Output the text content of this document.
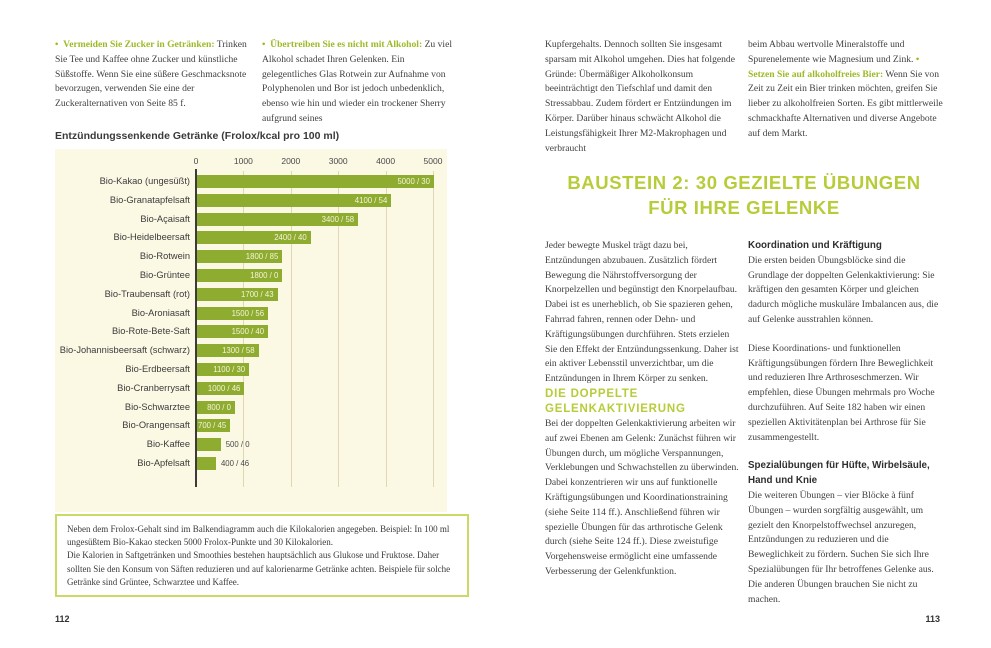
• Vermeiden Sie Zucker in Getränken: Trinken Sie Tee und Kaffee ohne Zucker und künstliche Süßstoffe. Wenn Sie eine süßere Geschmacksnote bevorzugen, verwenden Sie eine der Zuckeralternativen von Seite 85 f.

• Übertreiben Sie es nicht mit Alkohol: Zu viel Alkohol schadet Ihren Gelenken. Ein gelegentliches Glas Rotwein zur Aufnahme von Polyphenolen und Bor ist jedoch unbedenklich, ebenso wie hin und wieder ein trockener Sherry aufgrund seines

Entzündungssenkende Getränke (Frolox/kcal pro 100 ml)
0	1000	2000	3000	4000	5000
Bio-Kakao (ungesüßt)	5000 / 30
Bio-Granatapfelsaft	4100 / 54
Bio-Açaisaft	3400 / 58
Bio-Heidelbeersaft	2400 / 40
Bio-Rotwein	1800 / 85
Bio-Grüntee	1800 / 0
Bio-Traubensaft (rot)	1700 / 43
Bio-Aroniasaft	1500 / 56
Bio-Rote-Bete-Saft	1500 / 40
Bio-Johannisbeersaft (schwarz)	1300 / 58
Bio-Erdbeersaft	1100 / 30
Bio-Cranberrysaft	1000 / 46
Bio-Schwarztee	800 / 0
Bio-Orangensaft 700 / 45
Bio-Kaffee	500 / 0
Bio-Apfelsaft	400 / 46

Neben dem Frolox-Gehalt sind im Balkendiagramm auch die Kilokalorien angegeben. Beispiel: In 100 ml ungesüßtem Bio-Kakao stecken 5000 Frolox-Punkte und 30 Kilokalorien.

Die Kalorien in Saftgetränken und Smoothies bestehen hauptsächlich aus Glukose und Fruktose. Daher sollten Sie den Konsum von Säften reduzieren und auf kalorienarme Getränke achten. Beispiele für solche Getränke sind Grüntee, Schwarztee und Kaffee.

112

Kupfergehalts. Dennoch sollten Sie insgesamt sparsam mit Alkohol umgehen. Dies hat folgende Gründe: Übermäßiger Alkoholkonsum beeinträchtigt den Tiefschlaf und damit den Stressabbau. Zudem fördert er Entzündungen im Körper. Darüber hinaus schwächt Alkohol die Leistungsfähigkeit Ihrer M2-Makrophagen und verbraucht

beim Abbau wertvolle Mineralstoffe und Spurenelemente wie Magnesium und Zink. •  Setzen Sie auf alkoholfreies Bier: Wenn Sie von Zeit zu Zeit ein Bier trinken möchten, greifen Sie lieber zu alkoholfreien Sorten. Es gibt mittlerweile schmackhafte Alternativen und diverse Angebote auf dem Markt.

BAUSTEIN 2: 30 GEZIELTE ÜBUNGEN FÜR IHRE GELENKE

Jeder bewegte Muskel trägt dazu bei, Entzündungen abzubauen. Zusätzlich fördert Bewegung die Nährstoffversorgung der Knorpelzellen und begünstigt den Knorpelaufbau. Dabei ist es unerheblich, ob Sie spazieren gehen, Fahrrad fahren, rennen oder Dehn- und Kräftigungsübungen durchführen. Stets erzielen Sie den Effekt der Entzündungssenkung. Daher ist ein aktiver Lebensstil unverzichtbar, um die Entzündungen in Ihrem Körper zu senken.

DIE DOPPELTE GELENKAKTIVIERUNG

Bei der doppelten Gelenkaktivierung arbeiten wir auf zwei Ebenen am Gelenk: Zunächst führen wir Übungen durch, um mögliche Verspannungen, Verklebungen und Schwachstellen zu überwinden. Dabei konzentrieren wir uns auf funktionelle Kräftigungsübungen und Koordinationstraining (siehe Seite 114 ff.). Anschließend führen wir spezielle Übungen für das arthrotische Gelenk durch (siehe Seite 124 ff.). Diese zweistufige Vorgehensweise ermöglicht eine umfassende Verbesserung der Gelenkfunktion.

Koordination und Kräftigung

Die ersten beiden Übungsblöcke sind die Grundlage der doppelten Gelenkaktivierung: Sie kräftigen den gesamten Körper und gleichen dadurch mögliche muskuläre Imbalancen aus, die auf Gelenke ausstrahlen können.

Diese Koordinations- und funktionellen Kräftigungsübungen fördern Ihre Beweglichkeit und reduzieren Ihre Arthroseschmerzen. Wir empfehlen, diese Übungen mehrmals pro Woche durchzuführen. Auf Seite 182 haben wir einen speziellen Aktivitätenplan bei Arthrose für Sie zusammengestellt.

Spezialübungen für Hüfte, Wirbelsäule, Hand und Knie

Die weiteren Übungen – vier Blöcke à fünf Übungen – wurden sorgfältig ausgewählt, um gezielt den Knorpelstoffwechsel anzuregen, Entzündungen zu reduzieren und die Beweglichkeit zu fördern. Suchen Sie sich Ihre Spezialübungen für Ihr betroffenes Gelenke aus. Die anderen Übungen brauchen Sie nicht zu machen.

113
